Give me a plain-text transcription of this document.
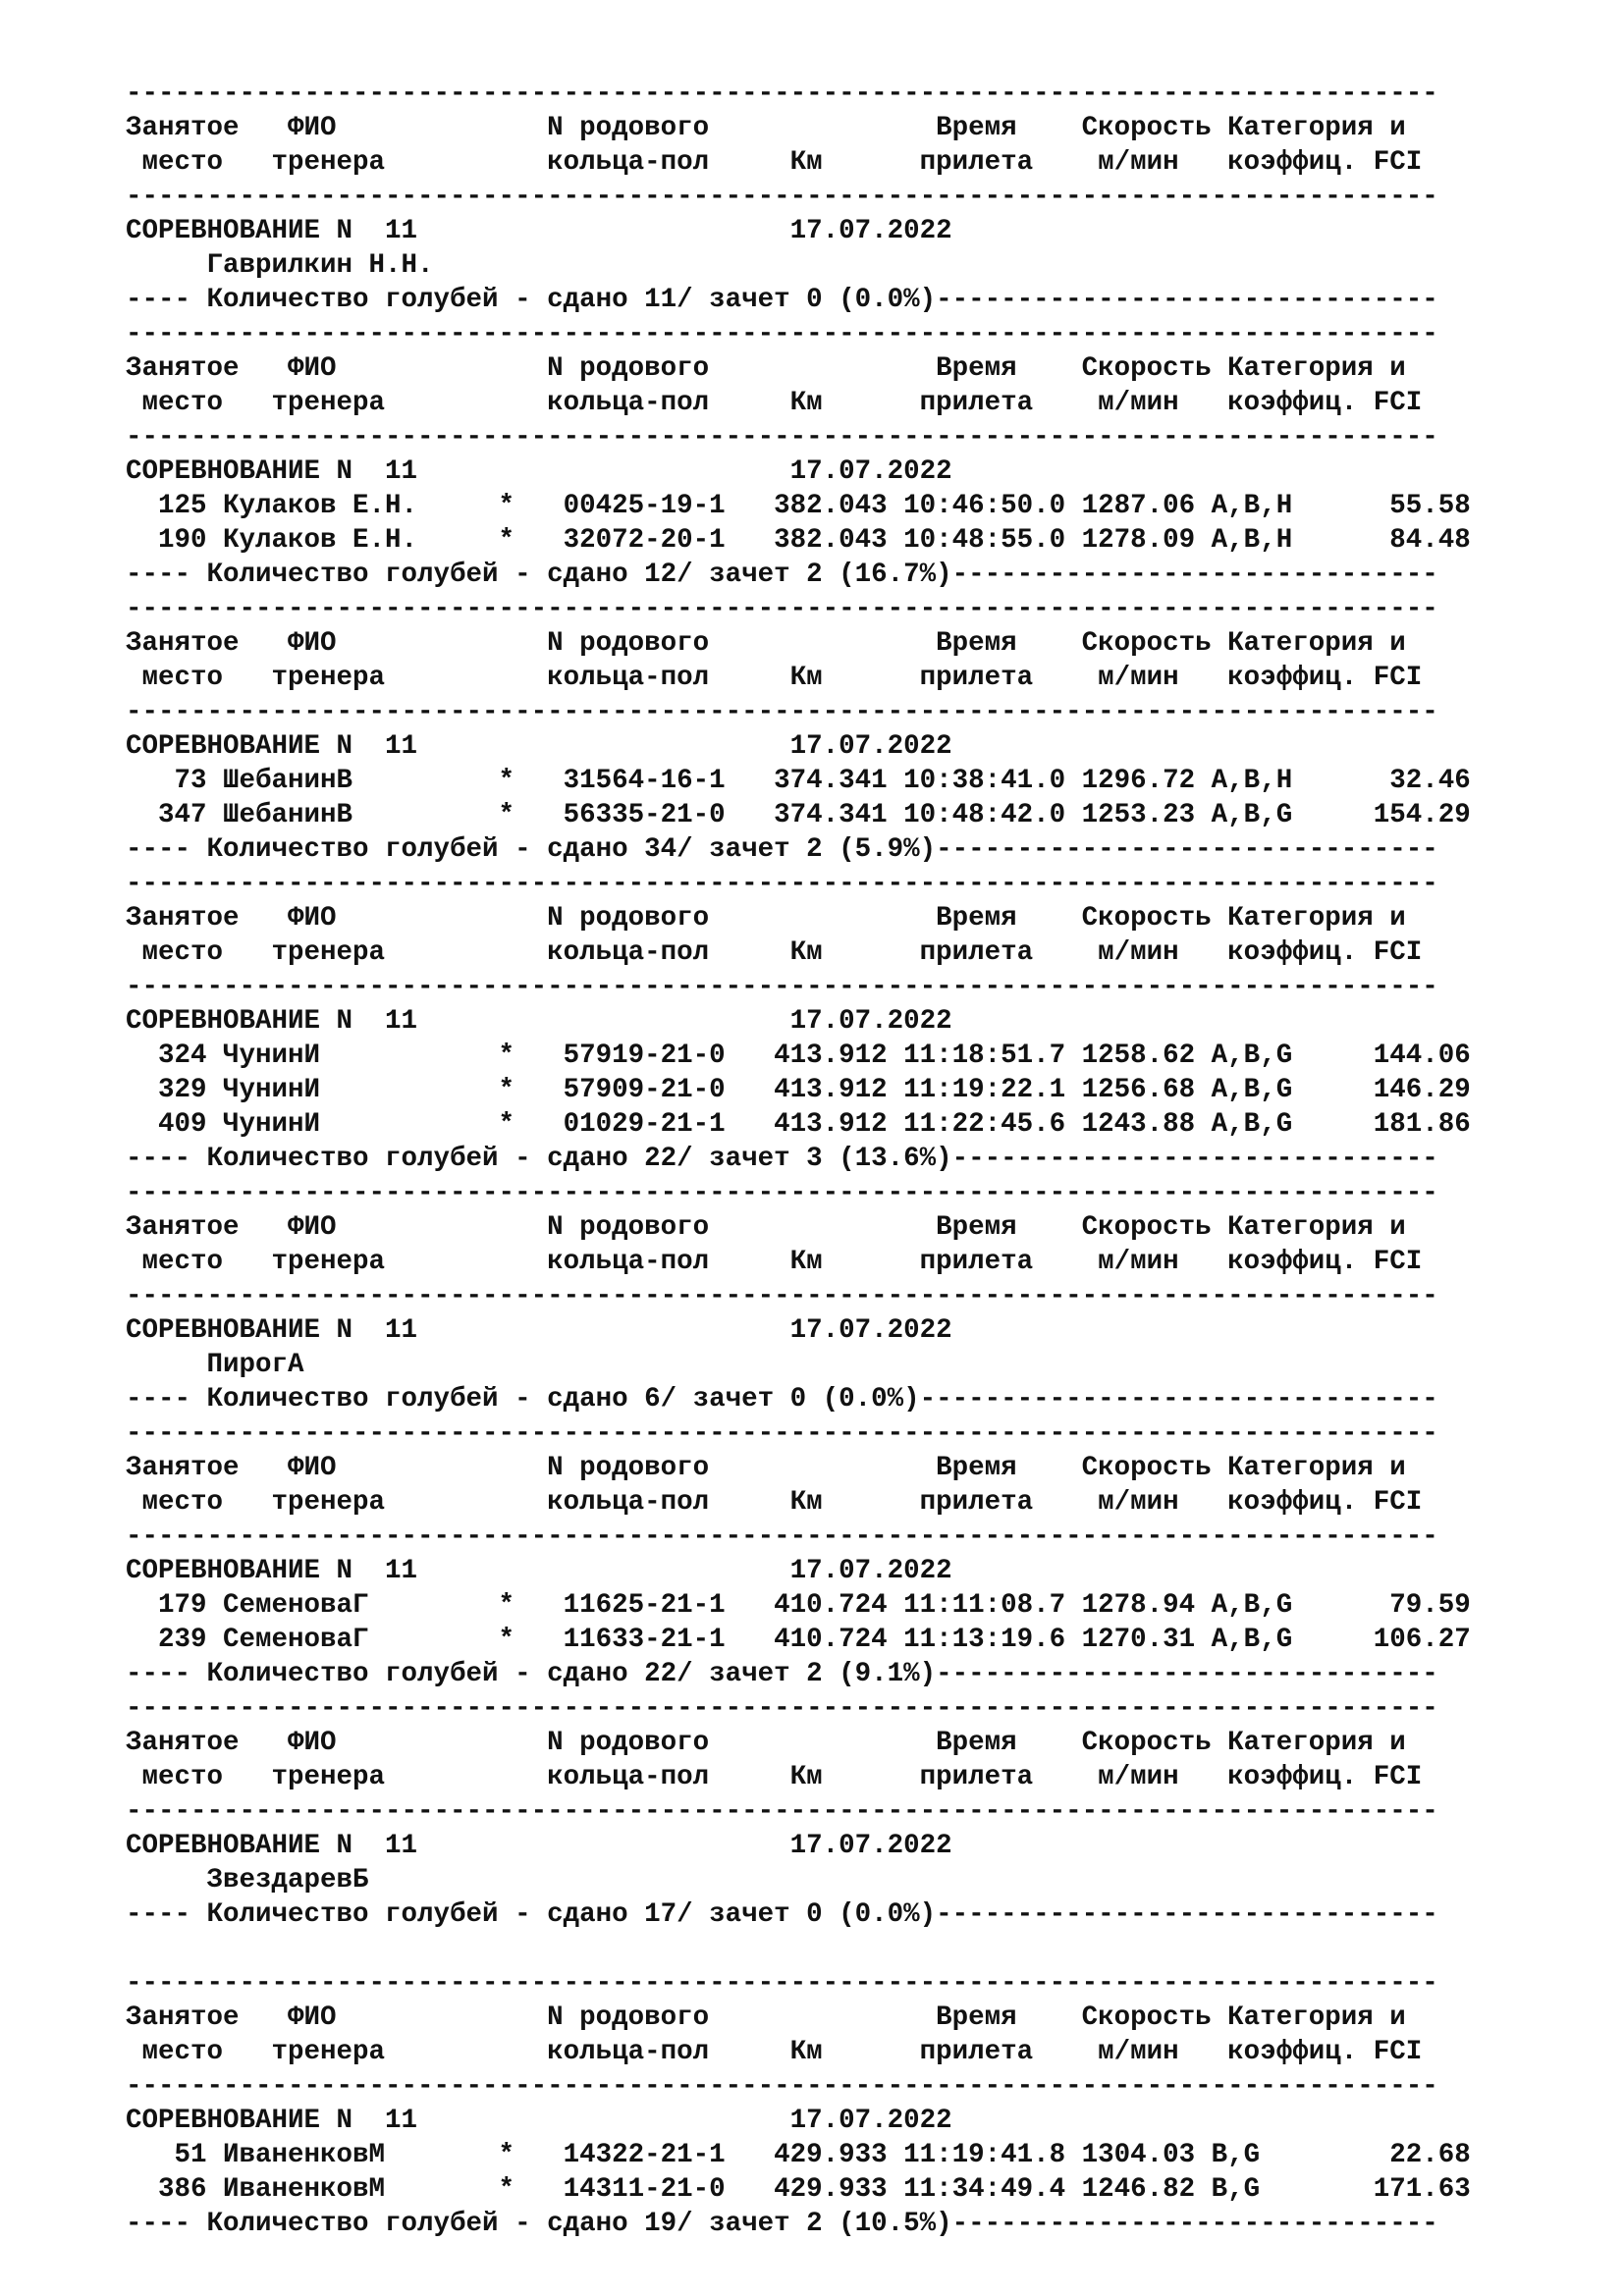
---------------------------------------------------------------------------------
Занятое   ФИО             N родового              Время    Скорость Категория и
место   тренера          кольца-пол     Км      прилета    м/мин   коэффиц. FCI
---------------------------------------------------------------------------------
СОРЕВНОВАНИЕ N  11                       17.07.2022
Гаврилкин Н.Н.
---- Количество голубей - сдано 11/ зачет 0 (0.0%)-------------------------------
---------------------------------------------------------------------------------
Занятое   ФИО             N родового              Время    Скорость Категория и
место   тренера          кольца-пол     Км      прилета    м/мин   коэффиц. FCI
---------------------------------------------------------------------------------
СОРЕВНОВАНИЕ N  11                       17.07.2022
125 Кулаков Е.Н.     *   00425-19-1   382.043 10:46:50.0 1287.06 A,B,H      55.58
190 Кулаков Е.Н.     *   32072-20-1   382.043 10:48:55.0 1278.09 A,B,H      84.48
---- Количество голубей - сдано 12/ зачет 2 (16.7%)------------------------------
---------------------------------------------------------------------------------
Занятое   ФИО             N родового              Время    Скорость Категория и
место   тренера          кольца-пол     Км      прилета    м/мин   коэффиц. FCI
---------------------------------------------------------------------------------
СОРЕВНОВАНИЕ N  11                       17.07.2022
73 ШебанинВ         *   31564-16-1   374.341 10:38:41.0 1296.72 A,B,H      32.46
347 ШебанинВ         *   56335-21-0   374.341 10:48:42.0 1253.23 A,B,G     154.29
---- Количество голубей - сдано 34/ зачет 2 (5.9%)-------------------------------
---------------------------------------------------------------------------------
Занятое   ФИО             N родового              Время    Скорость Категория и
место   тренера          кольца-пол     Км      прилета    м/мин   коэффиц. FCI
---------------------------------------------------------------------------------
СОРЕВНОВАНИЕ N  11                       17.07.2022
324 ЧунинИ           *   57919-21-0   413.912 11:18:51.7 1258.62 A,B,G     144.06
329 ЧунинИ           *   57909-21-0   413.912 11:19:22.1 1256.68 A,B,G     146.29
409 ЧунинИ           *   01029-21-1   413.912 11:22:45.6 1243.88 A,B,G     181.86
---- Количество голубей - сдано 22/ зачет 3 (13.6%)------------------------------
---------------------------------------------------------------------------------
Занятое   ФИО             N родового              Время    Скорость Категория и
место   тренера          кольца-пол     Км      прилета    м/мин   коэффиц. FCI
---------------------------------------------------------------------------------
СОРЕВНОВАНИЕ N  11                       17.07.2022
ПирогА
---- Количество голубей - сдано 6/ зачет 0 (0.0%)--------------------------------
---------------------------------------------------------------------------------
Занятое   ФИО             N родового              Время    Скорость Категория и
место   тренера          кольца-пол     Км      прилета    м/мин   коэффиц. FCI
---------------------------------------------------------------------------------
СОРЕВНОВАНИЕ N  11                       17.07.2022
179 СеменоваГ        *   11625-21-1   410.724 11:11:08.7 1278.94 A,B,G      79.59
239 СеменоваГ        *   11633-21-1   410.724 11:13:19.6 1270.31 A,B,G     106.27
---- Количество голубей - сдано 22/ зачет 2 (9.1%)-------------------------------
---------------------------------------------------------------------------------
Занятое   ФИО             N родового              Время    Скорость Категория и
место   тренера          кольца-пол     Км      прилета    м/мин   коэффиц. FCI
---------------------------------------------------------------------------------
СОРЕВНОВАНИЕ N  11                       17.07.2022
ЗвездаревБ
---- Количество голубей - сдано 17/ зачет 0 (0.0%)-------------------------------
---------------------------------------------------------------------------------
Занятое   ФИО             N родового              Время    Скорость Категория и
место   тренера          кольца-пол     Км      прилета    м/мин   коэффиц. FCI
---------------------------------------------------------------------------------
СОРЕВНОВАНИЕ N  11                       17.07.2022
51 ИваненковМ       *   14322-21-1   429.933 11:19:41.8 1304.03 B,G        22.68
386 ИваненковМ       *   14311-21-0   429.933 11:34:49.4 1246.82 B,G       171.63
---- Количество голубей - сдано 19/ зачет 2 (10.5%)------------------------------
